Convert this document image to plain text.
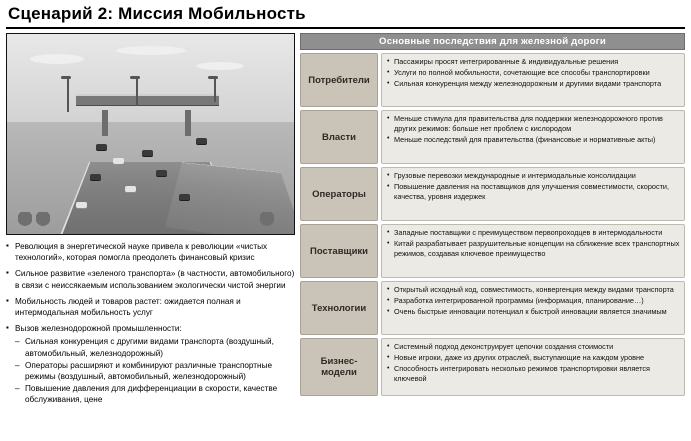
Сценарий 2: Миссия Мобильность
▪ Революция в энергетической науке привела к революции «чистых технологий», которая помогла преодолеть финансовый кризис
▪ Сильное развитие «зеленого транспорта» (в частности, автомобильного) в связи с неиссякаемым использованием экологически чистой энергии
▪ Мобильность людей и товаров растет: ожидается полная и интермодальная мобильность услуг
▪ Вызов железнодорожной промышленности:
– Сильная конкуренция с другими видами транспорта (воздушный, автомобильный, железнодорожный)
– Операторы расширяют и комбинируют различные транспортные режимы (воздушный, автомобильный, железнодорожный)
– Повышение давления для дифференциации в скорости, качестве обслуживания, цене
Основные последствия для железной дороги
Потребители
• Пассажиры просят интегрированные & индивидуальные решения
• Услуги по полной мобильности, сочетающие все способы транспортировки
• Сильная конкуренция между железнодорожным и другими видами транспорта
Власти
• Меньше стимула для правительства для поддержки железнодорожного против других режимов: больше нет проблем с кислородом
• Меньше последствий для правительства (финансовые и нормативные акты)
Операторы
• Грузовые перевозки международные и интермодальные консолидации
• Повышение давления на поставщиков для улучшения совместимости, скорости, качества, уровня издержек
Поставщики
• Западные поставщики с преимуществом первопроходцев в интермодальности
• Китай разрабатывает разрушительные концепции на сближение всех транспортных режимов, создавая ключевое преимущество
Технологии
• Открытый исходный код, совместимость, конвергенция между видами транспорта
• Разработка интегрированной программы (информация, планирование…)
• Очень быстрые инновации потенциал к быстрой инновации является значимым
Бизнес-модели
• Системный подход деконструирует цепочки создания стоимости
• Новые игроки, даже из других отраслей, выступающие на каждом уровне
• Способность интегрировать несколько режимов транспортировки является ключевой
